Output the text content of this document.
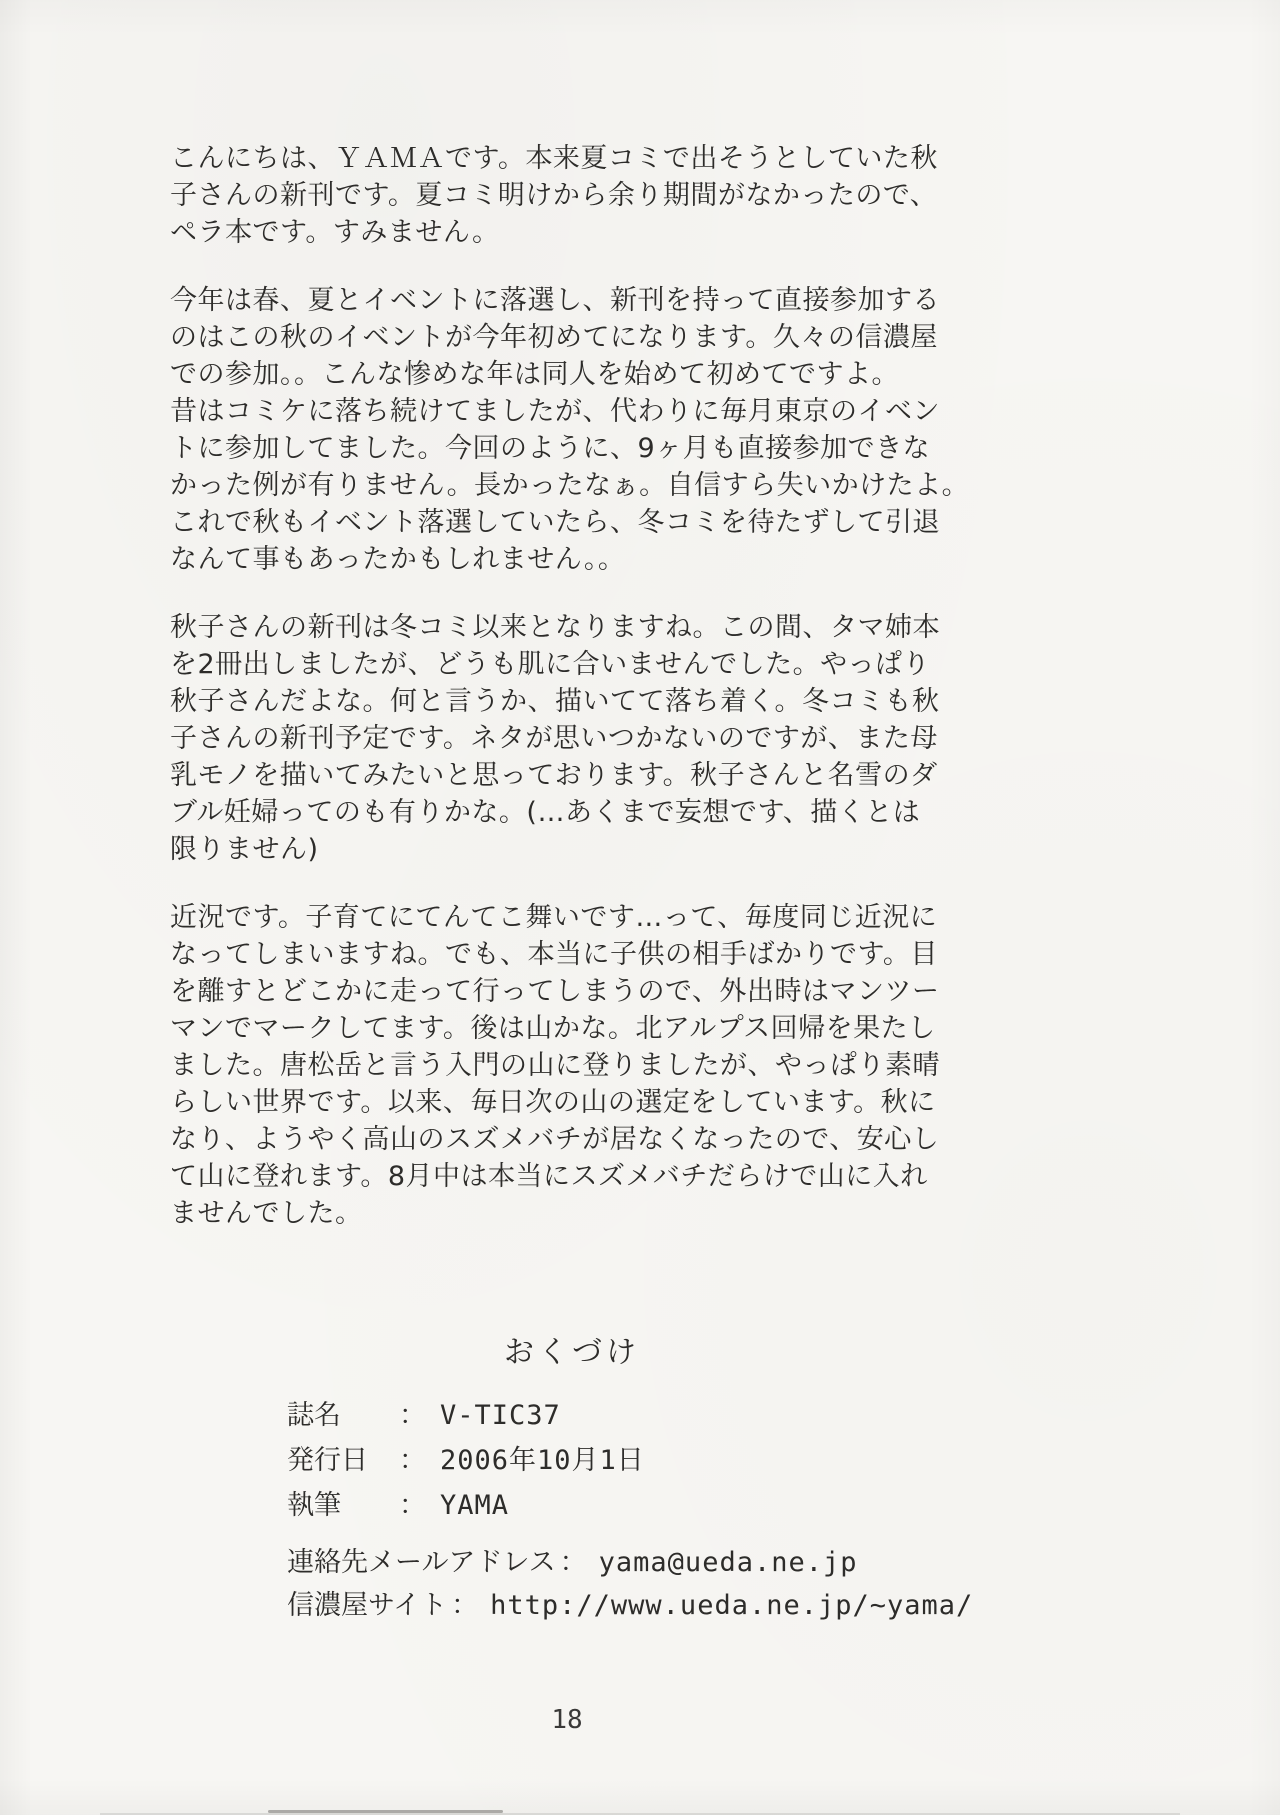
こんにちは、ＹＡＭＡです。本来夏コミで出そうとしていた秋
子さんの新刊です。夏コミ明けから余り期間がなかったので、
ペラ本です。すみません。
今年は春、夏とイベントに落選し、新刊を持って直接参加する
のはこの秋のイベントが今年初めてになります。久々の信濃屋
での参加。。こんな惨めな年は同人を始めて初めてですよ。
昔はコミケに落ち続けてましたが、代わりに毎月東京のイベン
トに参加してました。今回のように、9ヶ月も直接参加できな
かった例が有りません。長かったなぁ。自信すら失いかけたよ。
これで秋もイベント落選していたら、冬コミを待たずして引退
なんて事もあったかもしれません。。
秋子さんの新刊は冬コミ以来となりますね。この間、タマ姉本
を2冊出しましたが、どうも肌に合いませんでした。やっぱり
秋子さんだよな。何と言うか、描いてて落ち着く。冬コミも秋
子さんの新刊予定です。ネタが思いつかないのですが、また母
乳モノを描いてみたいと思っております。秋子さんと名雪のダ
ブル妊婦ってのも有りかな。(…あくまで妄想です、描くとは
限りません)
近況です。子育てにてんてこ舞いです…って、毎度同じ近況に
なってしまいますね。でも、本当に子供の相手ばかりです。目
を離すとどこかに走って行ってしまうので、外出時はマンツー
マンでマークしてます。後は山かな。北アルプス回帰を果たし
ました。唐松岳と言う入門の山に登りましたが、やっぱり素晴
らしい世界です。以来、毎日次の山の選定をしています。秋に
なり、ようやく高山のスズメバチが居なくなったので、安心し
て山に登れます。8月中は本当にスズメバチだらけで山に入れ
ませんでした。
おくづけ
誌名	： V-TIC37
発行日	： 2006年10月1日
執筆	： YAMA
連絡先メールアドレス ： yama@ueda.ne.jp
信濃屋サイト ： http://www.ueda.ne.jp/~yama/
18
